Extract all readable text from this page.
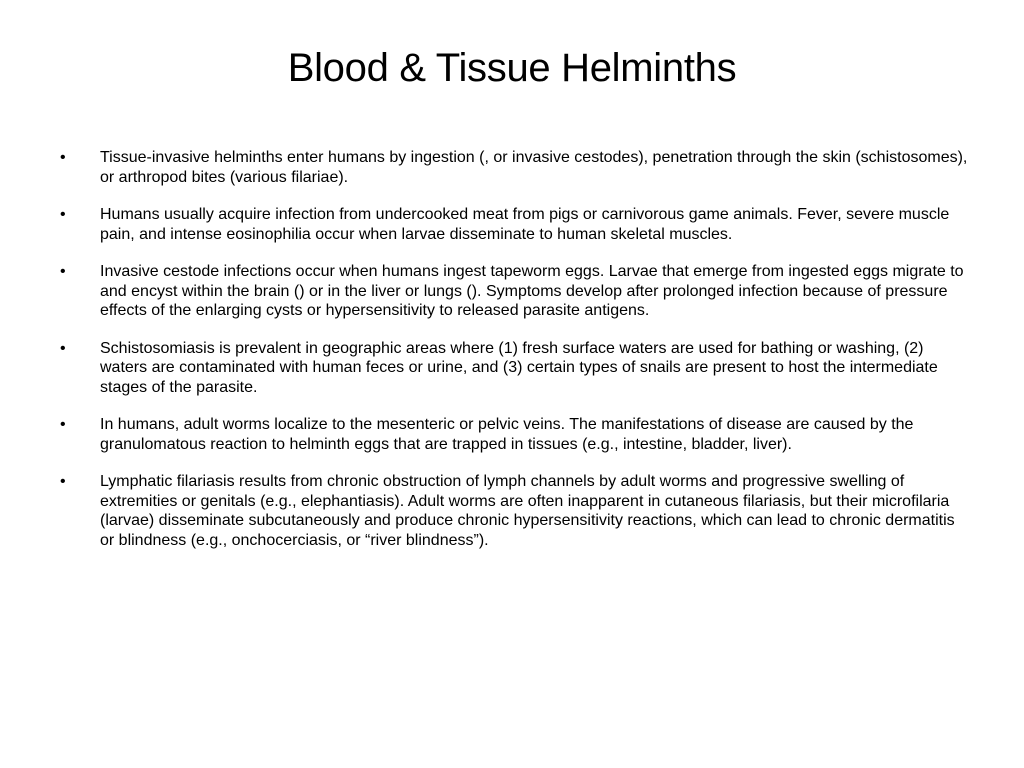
Blood & Tissue Helminths
•	Tissue-invasive helminths enter humans by ingestion (, or invasive cestodes), penetration through the skin (schistosomes), or arthropod bites (various filariae).
•	Humans usually acquire infection from undercooked meat from pigs or carnivorous game animals. Fever, severe muscle pain, and intense eosinophilia occur when larvae disseminate to human skeletal muscles.
•	Invasive cestode infections occur when humans ingest tapeworm eggs. Larvae that emerge from ingested eggs migrate to and encyst within the brain () or in the liver or lungs (). Symptoms develop after prolonged infection because of pressure effects of the enlarging cysts or hypersensitivity to released parasite antigens.
•	Schistosomiasis is prevalent in geographic areas where (1) fresh surface waters are used for bathing or washing, (2) waters are contaminated with human feces or urine, and (3) certain types of snails are present to host the intermediate stages of the parasite.
•	In humans, adult worms localize to the mesenteric or pelvic veins. The manifestations of disease are caused by the granulomatous reaction to helminth eggs that are trapped in tissues (e.g., intestine, bladder, liver).
•	Lymphatic filariasis results from chronic obstruction of lymph channels by adult worms and progressive swelling of extremities or genitals (e.g., elephantiasis). Adult worms are often inapparent in cutaneous filariasis, but their microfilaria (larvae) disseminate subcutaneously and produce chronic hypersensitivity reactions, which can lead to chronic dermatitis or blindness (e.g., onchocerciasis, or “river blindness”).
